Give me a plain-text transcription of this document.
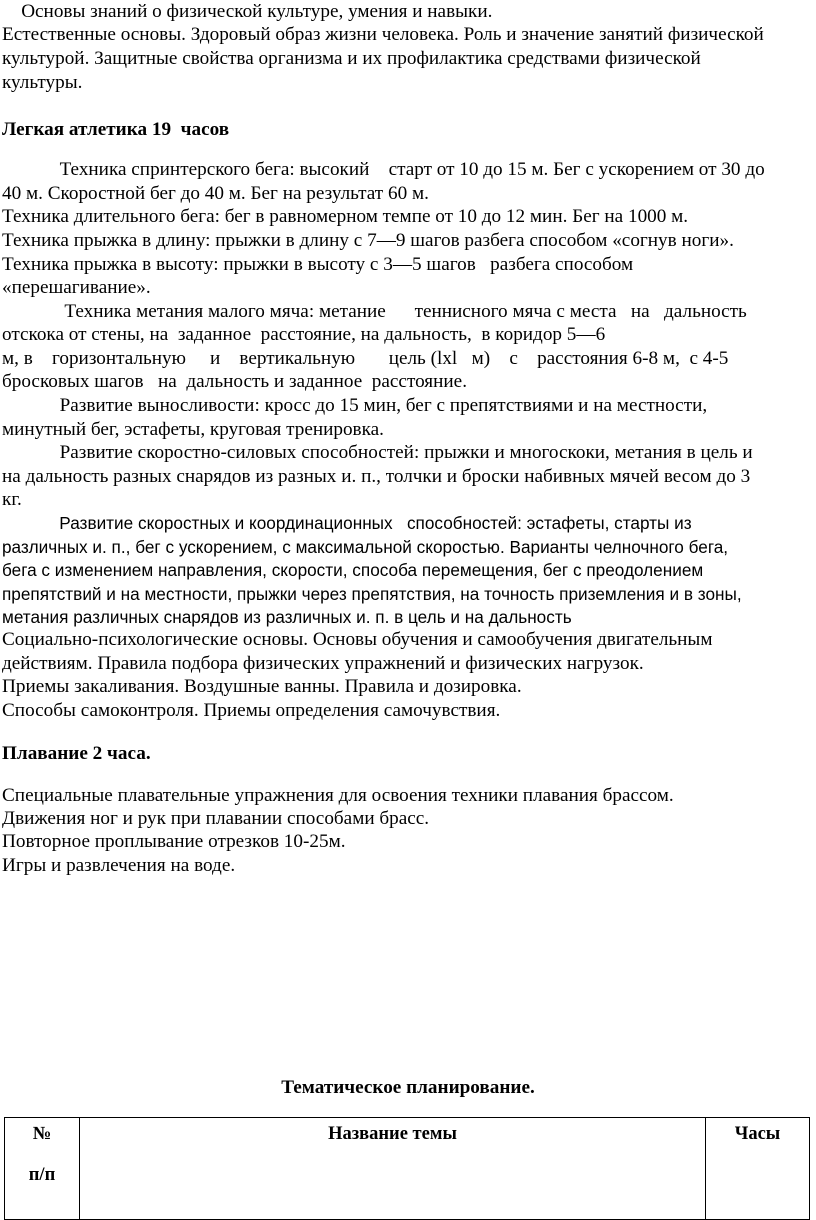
Основы знаний о физической культуре, умения и навыки.
Естественные основы. Здоровый образ жизни человека. Роль и значение занятий физической
культурой. Защитные свойства организма и их профилактика средствами физической
культуры.
Легкая атлетика 19  часов
Техника спринтерского бега: высокий    старт от 10 до 15 м. Бег с ускорением от 30 до
40 м. Скоростной бег до 40 м. Бег на результат 60 м.
Техника длительного бега: бег в равномерном темпе от 10 до 12 мин. Бег на 1000 м.
Техника прыжка в длину: прыжки в длину с 7—9 шагов разбега способом «согнув ноги».
Техника прыжка в высоту: прыжки в высоту с 3—5 шагов   разбега способом
«перешагивание».
Техника метания малого мяча: метание      теннисного мяча с места   на   дальность
отскока от стены, на  заданное  расстояние, на дальность,  в коридор 5—6
м, в    горизонтальную     и    вертикальную       цель (lxl   м)    с    расстояния 6-8 м,  с 4-5
бросковых шагов   на  дальность и заданное  расстояние.
Развитие выносливости: кросс до 15 мин, бег с препятствиями и на местности,
минутный бег, эстафеты, круговая тренировка.
Развитие скоростно-силовых способностей: прыжки и многоскоки, метания в цель и
на дальность разных снарядов из разных и. п., толчки и броски набивных мячей весом до 3
кг.
Развитие скоростных и координационных   способностей: эстафеты, старты из
различных и. п., бег с ускорением, с максимальной скоростью. Варианты челночного бега,
бега с изменением направления, скорости, способа перемещения, бег с преодолением
препятствий и на местности, прыжки через препятствия, на точность приземления и в зоны,
метания различных снарядов из различных и. п. в цель и на дальность
Социально-психологические основы. Основы обучения и самообучения двигательным
действиям. Правила подбора физических упражнений и физических нагрузок.
Приемы закаливания. Воздушные ванны. Правила и дозировка.
Способы самоконтроля. Приемы определения самочувствия.
Плавание 2 часа.
Специальные плавательные упражнения для освоения техники плавания брассом.
Движения ног и рук при плавании способами брасс.
Повторное проплывание отрезков 10-25м.
Игры и развлечения на воде.
Тематическое планирование.
№
п/п
	Название темы	Часы
